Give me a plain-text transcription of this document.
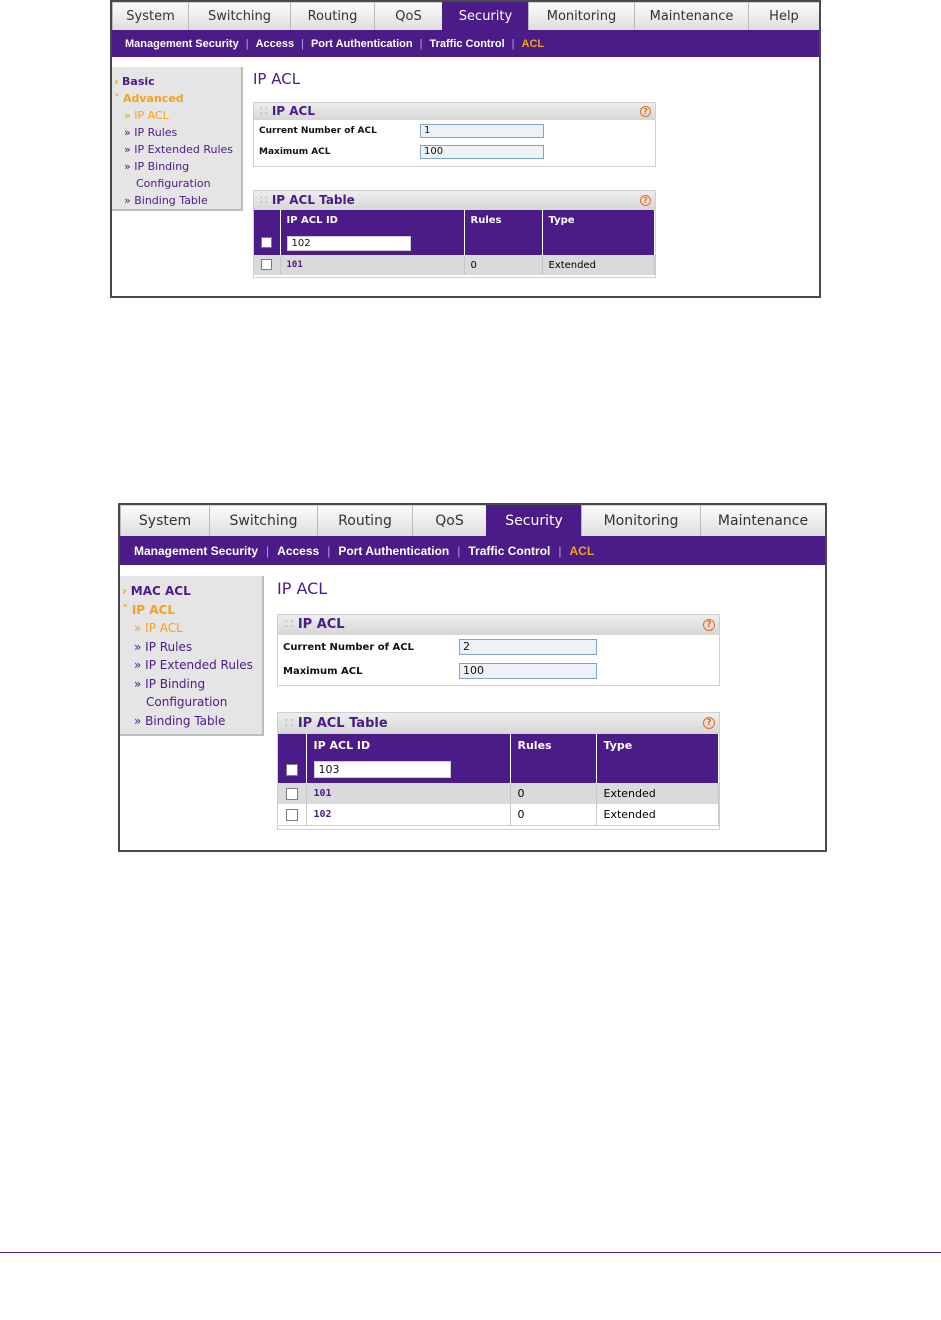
System	Switching	Routing	QoS	Security	Monitoring	Maintenance	Help
Management Security | Access | Port Authentication | Traffic Control | ACL
› Basic
˅ Advanced
» IP ACL
» IP Rules
» IP Extended Rules
» IP Binding
Configuration
» Binding Table
IP ACL
∷ IP ACL	?
Current Number of ACL	1
Maximum ACL	100
∷ IP ACL Table	?
	IP ACL ID	Rules	Type
	102		
	101	0	Extended
System	Switching	Routing	QoS	Security	Monitoring	Maintenance
Management Security | Access | Port Authentication | Traffic Control | ACL
› MAC ACL
˅ IP ACL
» IP ACL
» IP Rules
» IP Extended Rules
» IP Binding
Configuration
» Binding Table
IP ACL
∷ IP ACL	?
Current Number of ACL	2
Maximum ACL	100
∷ IP ACL Table	?
	IP ACL ID	Rules	Type
	103		
	101	0	Extended
	102	0	Extended
